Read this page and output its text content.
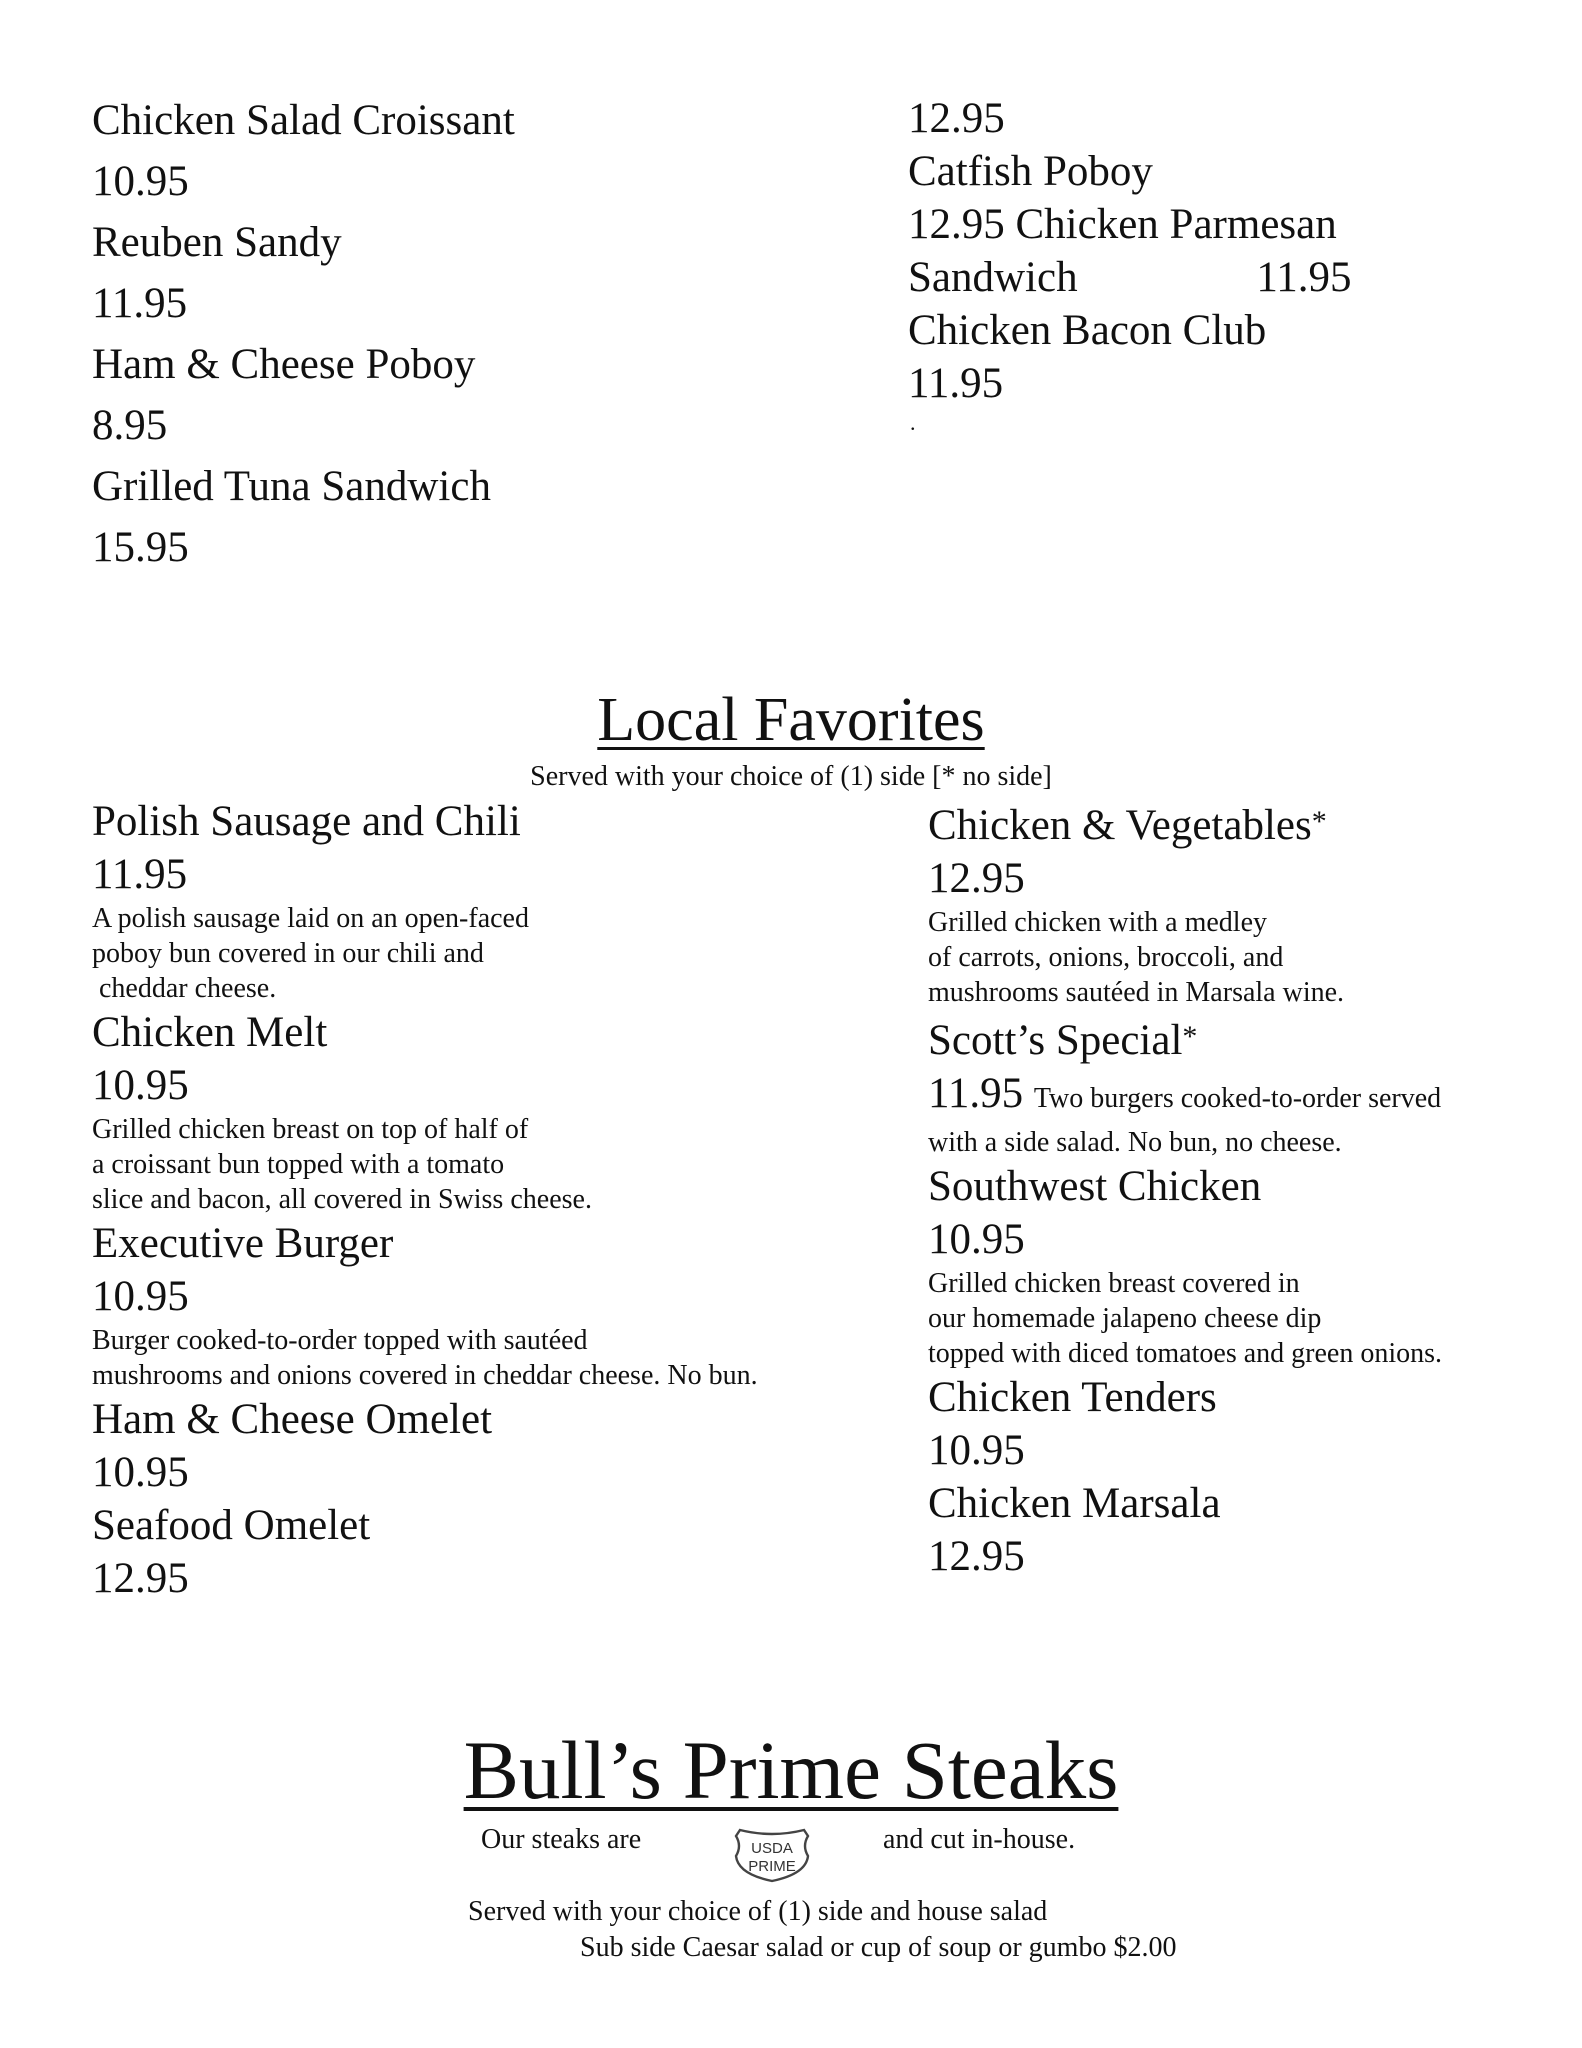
Chicken Salad Croissant
10.95
Reuben Sandy
11.95
Ham & Cheese Poboy
8.95
Grilled Tuna Sandwich
15.95
12.95
Catfish Poboy
12.95 Chicken Parmesan
Sandwich	11.95
Chicken Bacon Club
11.95
.
Local Favorites
Served with your choice of (1) side [* no side]
Polish Sausage and Chili
11.95
A polish sausage laid on an open-faced
poboy bun covered in our chili and
cheddar cheese.
Chicken Melt
10.95
Grilled chicken breast on top of half of
a croissant bun topped with a tomato
slice and bacon, all covered in Swiss cheese.
Executive Burger
10.95
Burger cooked-to-order topped with sautéed
mushrooms and onions covered in cheddar cheese. No bun.
Ham & Cheese Omelet
10.95
Seafood Omelet
12.95
Chicken & Vegetables*
12.95
Grilled chicken with a medley
of carrots, onions, broccoli, and
mushrooms sautéed in Marsala wine.
Scott’s Special*
11.95 Two burgers cooked-to-order served
with a side salad. No bun, no cheese.
Southwest Chicken
10.95
Grilled chicken breast covered in
our homemade jalapeno cheese dip
topped with diced tomatoes and green onions.
Chicken Tenders
10.95
Chicken Marsala
12.95
Bull’s Prime Steaks
Our steaks are	USDA
PRIME
and cut in-house.
Served with your choice of (1) side and house salad
Sub side Caesar salad or cup of soup or gumbo $2.00
